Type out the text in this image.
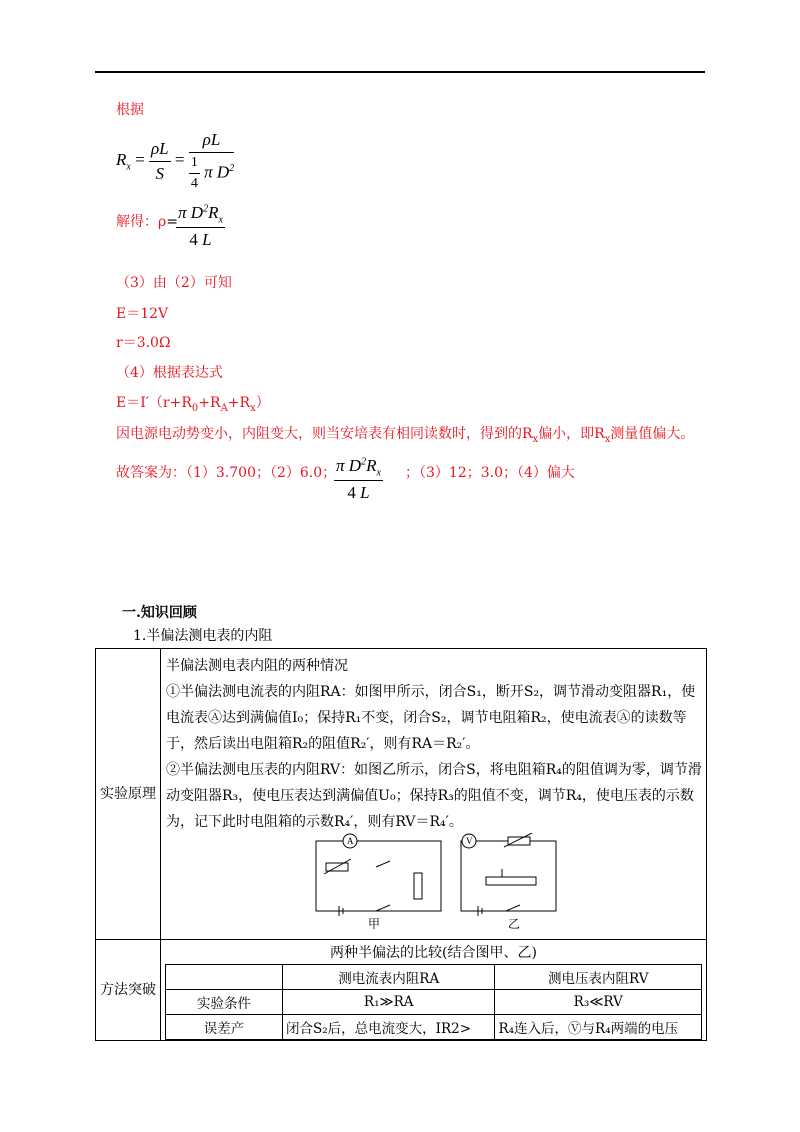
根据
$R_x = \frac{\rho L}{S} = \frac{\rho L}{\frac{1}{4} \pi D^2}$
解得：ρ=
$\frac{\pi D^2R_x}{4 L}$
（3）由（2）可知
E＝12V
r＝3.0Ω
（4）根据表达式
$E=I'(r+R_0+R_A+R_x)$
因电源电动势变小，内阻变大，则当安培表有相同读数时，得到的$R_x$偏小，即$R_x$测量值偏大。
故答案为：（1）3.700；（2）6.0；
$\frac{\pi D^2R_x}{4 L}$ ；（3）12；3.0；（4）偏大
一.知识回顾
1.半偏法测电表的内阻
实验原理	
半偏法测电表内阻的两种情况
①半偏法测电流表的内阻RA：如图甲所示，闭合S₁，断开S₂，调节滑动变阻器R₁，使电流表Ⓐ达到满偏值I₀；保持R₁不变，闭合S₂，调节电阻箱R₂，使电流表Ⓐ的读数等于，然后读出电阻箱R₂的阻值R₂′，则有RA＝R₂′。
②半偏法测电压表的内阻RV：如图乙所示，闭合S，将电阻箱R₄的阻值调为零，调节滑动变阻器R₃，使电压表达到满偏值U₀；保持R₃的阻值不变，调节R₄，使电压表的示数为，记下此时电阻箱的示数R₄′，则有RV＝R₄′。
A	V
甲	乙

方法突破	
两种半偏法的比较(结合图甲、乙)
	测电流表内阻RA	测电压表内阻RV
实验条件	R₁≫RA	R₃≪RV
误差产	闭合S₂后，总电流变大，IR2>	R₄连入后，Ⓥ与R₄两端的电压
